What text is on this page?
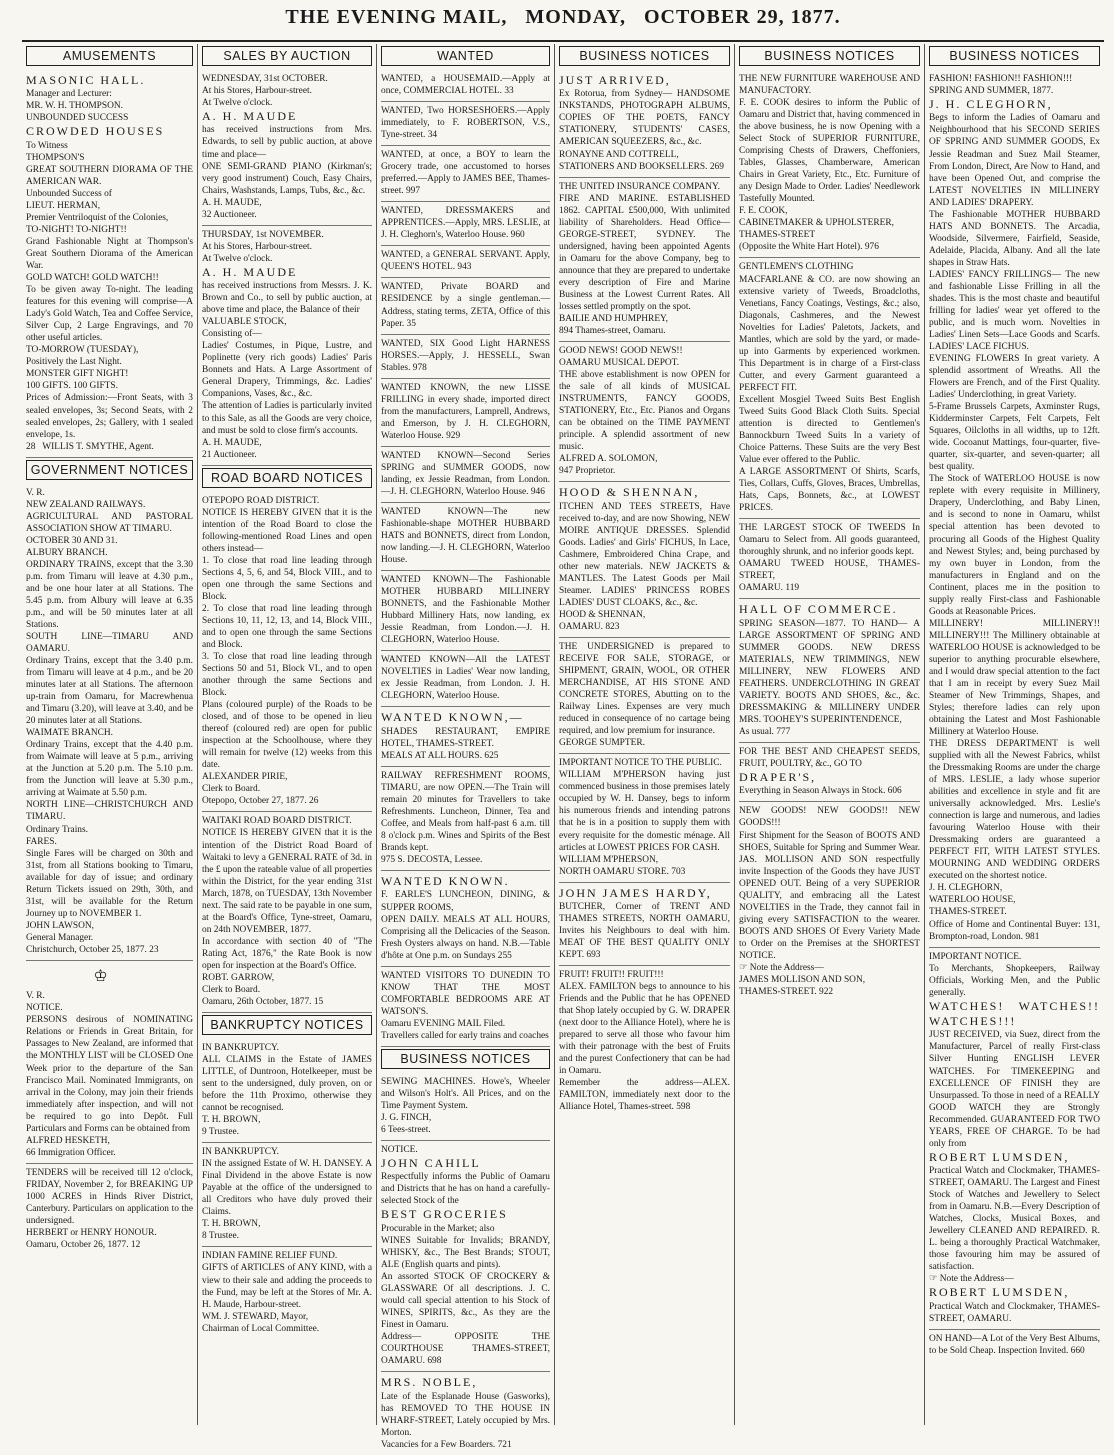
THE EVENING MAIL, MONDAY, OCTOBER 29, 1877.
AMUSEMENTS

MASONIC HALL.

Manager and Lecturer:

MR. W. H. THOMPSON.

UNBOUNDED SUCCESS

CROWDED HOUSES

To Witness

THOMPSON'S

GREAT SOUTHERN DIORAMA OF THE AMERICAN WAR.

Unbounded Success of

LIEUT. HERMAN,

Premier Ventriloquist of the Colonies,

TO-NIGHT! TO-NIGHT!!

Grand Fashionable Night at Thompson's Great Southern Diorama of the American War.

GOLD WATCH! GOLD WATCH!!

To be given away To-night. The leading features for this evening will comprise—A Lady's Gold Watch, Tea and Coffee Service, Silver Cup, 2 Large Engravings, and 70 other useful articles.

TO-MORROW (TUESDAY),

Positively the Last Night.

MONSTER GIFT NIGHT!

100 GIFTS. 100 GIFTS.

Prices of Admission:—Front Seats, with 3 sealed envelopes, 3s; Second Seats, with 2 sealed envelopes, 2s; Gallery, with 1 sealed envelope, 1s.

28 WILLIS T. SMYTHE, Agent.

GOVERNMENT NOTICES

V. R.

NEW ZEALAND RAILWAYS.

AGRICULTURAL AND PASTORAL ASSOCIATION SHOW AT TIMARU.

OCTOBER 30 AND 31.

ALBURY BRANCH.

ORDINARY TRAINS, except that the 3.30 p.m. from Timaru will leave at 4.30 p.m., and be one hour later at all Stations. The 5.45 p.m. from Albury will leave at 6.35 p.m., and will be 50 minutes later at all Stations.

SOUTH LINE—TIMARU AND OAMARU.

Ordinary Trains, except that the 3.40 p.m. from Timaru will leave at 4 p.m., and be 20 minutes later at all Stations. The afternoon up-train from Oamaru, for Macrewhenua and Timaru (3.20), will leave at 3.40, and be 20 minutes later at all Stations.

WAIMATE BRANCH.

Ordinary Trains, except that the 4.40 p.m. from Waimate will leave at 5 p.m., arriving at the Junction at 5.20 p.m. The 5.10 p.m. from the Junction will leave at 5.30 p.m., arriving at Waimate at 5.50 p.m.

NORTH LINE—CHRISTCHURCH AND TIMARU.

Ordinary Trains.

FARES.

Single Fares will be charged on 30th and 31st, from all Stations booking to Timaru, available for day of issue; and ordinary Return Tickets issued on 29th, 30th, and 31st, will be available for the Return Journey up to NOVEMBER 1.

JOHN LAWSON,

General Manager.

Christchurch, October 25, 1877. 23

♔

V. R.

NOTICE.

PERSONS desirous of NOMINATING Relations or Friends in Great Britain, for Passages to New Zealand, are informed that the MONTHLY LIST will be CLOSED One Week prior to the departure of the San Francisco Mail. Nominated Immigrants, on arrival in the Colony, may join their friends immediately after inspection, and will not be required to go into Depôt. Full Particulars and Forms can be obtained from

ALFRED HESKETH,

66 Immigration Officer.

TENDERS will be received till 12 o'clock, FRIDAY, November 2, for BREAKING UP 1000 ACRES in Hinds River District, Canterbury. Particulars on application to the undersigned.

HERBERT or HENRY HONOUR.

Oamaru, October 26, 1877. 12

SALES BY AUCTION

WEDNESDAY, 31st OCTOBER.

At his Stores, Harbour-street.

At Twelve o'clock.

A. H. MAUDE

has received instructions from Mrs. Edwards, to sell by public auction, at above time and place—

ONE SEMI-GRAND PIANO (Kirkman's; very good instrument) Couch, Easy Chairs, Chairs, Washstands, Lamps, Tubs, &c., &c.

A. H. MAUDE,

32 Auctioneer.

THURSDAY, 1st NOVEMBER.

At his Stores, Harbour-street.

At Twelve o'clock.

A. H. MAUDE

has received instructions from Messrs. J. K. Brown and Co., to sell by public auction, at above time and place, the Balance of their

VALUABLE STOCK,

Consisting of—

Ladies' Costumes, in Pique, Lustre, and Poplinette (very rich goods) Ladies' Paris Bonnets and Hats. A Large Assortment of General Drapery, Trimmings, &c. Ladies' Companions, Vases, &c., &c.

The attention of Ladies is particularly invited to this Sale, as all the Goods are very choice, and must be sold to close firm's accounts.

A. H. MAUDE,

21 Auctioneer.

ROAD BOARD NOTICES

OTEPOPO ROAD DISTRICT.

NOTICE IS HEREBY GIVEN that it is the intention of the Road Board to close the following-mentioned Road Lines and open others instead—

1. To close that road line leading through Sections 4, 5, 6, and 54, Block VIII., and to open one through the same Sections and Block.

2. To close that road line leading through Sections 10, 11, 12, 13, and 14, Block VIII., and to open one through the same Sections and Block.

3. To close that road line leading through Sections 50 and 51, Block VI., and to open another through the same Sections and Block.

Plans (coloured purple) of the Roads to be closed, and of those to be opened in lieu thereof (coloured red) are open for public inspection at the Schoolhouse, where they will remain for twelve (12) weeks from this date.

ALEXANDER PIRIE,

Clerk to Board.

Otepopo, October 27, 1877. 26

WAITAKI ROAD BOARD DISTRICT.

NOTICE IS HEREBY GIVEN that it is the intention of the District Road Board of Waitaki to levy a GENERAL RATE of 3d. in the £ upon the rateable value of all properties within the District, for the year ending 31st March, 1878, on TUESDAY, 13th November next. The said rate to be payable in one sum, at the Board's Office, Tyne-street, Oamaru, on 24th NOVEMBER, 1877.

In accordance with section 40 of "The Rating Act, 1876," the Rate Book is now open for inspection at the Board's Office.

ROBT. GARROW,

Clerk to Board.

Oamaru, 26th October, 1877. 15

BANKRUPTCY NOTICES

IN BANKRUPTCY.

ALL CLAIMS in the Estate of JAMES LITTLE, of Duntroon, Hotelkeeper, must be sent to the undersigned, duly proven, on or before the 11th Proximo, otherwise they cannot be recognised.

T. H. BROWN,

9 Trustee.

IN BANKRUPTCY.

IN the assigned Estate of W. H. DANSEY. A Final Dividend in the above Estate is now Payable at the office of the undersigned to all Creditors who have duly proved their Claims.

T. H. BROWN,

8 Trustee.

INDIAN FAMINE RELIEF FUND.

GIFTS of ARTICLES of ANY KIND, with a view to their sale and adding the proceeds to the Fund, may be left at the Stores of Mr. A. H. Maude, Harbour-street.

WM. J. STEWARD, Mayor,

Chairman of Local Committee.

WANTED

WANTED, a HOUSEMAID.—Apply at once, COMMERCIAL HOTEL. 33

WANTED, Two HORSESHOERS.—Apply immediately, to F. ROBERTSON, V.S., Tyne-street. 34

WANTED, at once, a BOY to learn the Grocery trade, one accustomed to horses preferred.—Apply to JAMES BEE, Thames-street. 997

WANTED, DRESSMAKERS and APPRENTICES.—Apply, MRS. LESLIE, at J. H. Cleghorn's, Waterloo House. 960

WANTED, a GENERAL SERVANT. Apply, QUEEN'S HOTEL. 943

WANTED, Private BOARD and RESIDENCE by a single gentleman.—Address, stating terms, ZETA, Office of this Paper. 35

WANTED, SIX Good Light HARNESS HORSES.—Apply, J. HESSELL, Swan Stables. 978

WANTED KNOWN, the new LISSE FRILLING in every shade, imported direct from the manufacturers, Lamprell, Andrews, and Emerson, by J. H. CLEGHORN, Waterloo House. 929

WANTED KNOWN—Second Series SPRING and SUMMER GOODS, now landing, ex Jessie Readman, from London.—J. H. CLEGHORN, Waterloo House. 946

WANTED KNOWN—The new Fashionable-shape MOTHER HUBBARD HATS and BONNETS, direct from London, now landing.—J. H. CLEGHORN, Waterloo House.

WANTED KNOWN—The Fashionable MOTHER HUBBARD MILLINERY BONNETS, and the Fashionable Mother Hubbard Millinery Hats, now landing, ex Jessie Readman, from London.—J. H. CLEGHORN, Waterloo House.

WANTED KNOWN—All the LATEST NOVELTIES in Ladies' Wear now landing, ex Jessie Readman, from London. J. H. CLEGHORN, Waterloo House.

WANTED KNOWN,—

SHADES RESTAURANT, EMPIRE HOTEL, THAMES-STREET.

MEALS AT ALL HOURS. 625

RAILWAY REFRESHMENT ROOMS, TIMARU, are now OPEN.—The Train will remain 20 minutes for Travellers to take Refreshments. Luncheon, Dinner, Tea and Coffee, and Meals from half-past 6 a.m. till 8 o'clock p.m. Wines and Spirits of the Best Brands kept.

975 S. DECOSTA, Lessee.

WANTED KNOWN.

F. EARLE'S LUNCHEON, DINING, & SUPPER ROOMS,

OPEN DAILY. MEALS AT ALL HOURS, Comprising all the Delicacies of the Season. Fresh Oysters always on hand. N.B.—Table d'hôte at One p.m. on Sundays 255

WANTED VISITORS TO DUNEDIN TO KNOW THAT THE MOST COMFORTABLE BEDROOMS ARE AT WATSON'S.

Oamaru EVENING MAIL Filed.

Travellers called for early trains and coaches

BUSINESS NOTICES

SEWING MACHINES. Howe's, Wheeler and Wilson's Holt's. All Prices, and on the Time Payment System.

J. G. FINCH,

6 Tees-street.

NOTICE.

JOHN CAHILL

Respectfully informs the Public of Oamaru and Districts that he has on hand a carefully-selected Stock of the

BEST GROCERIES

Procurable in the Market; also

WINES Suitable for Invalids; BRANDY, WHISKY, &c., The Best Brands; STOUT, ALE (English quarts and pints).

An assorted STOCK OF CROCKERY & GLASSWARE Of all descriptions. J. C. would call special attention to his Stock of WINES, SPIRITS, &c., As they are the Finest in Oamaru.

Address— OPPOSITE THE COURTHOUSE THAMES-STREET, OAMARU. 698

MRS. NOBLE,

Late of the Esplanade House (Gasworks), has REMOVED TO THE HOUSE IN WHARF-STREET, Lately occupied by Mrs. Morton.

Vacancies for a Few Boarders. 721

BUSINESS NOTICES

JUST ARRIVED,

Ex Rotorua, from Sydney— HANDSOME INKSTANDS, PHOTOGRAPH ALBUMS, COPIES OF THE POETS, FANCY STATIONERY, STUDENTS' CASES, AMERICAN SQUEEZERS, &c., &c.

RONAYNE AND COTTRELL,

STATIONERS AND BOOKSELLERS. 269

THE UNITED INSURANCE COMPANY.

FIRE AND MARINE. ESTABLISHED 1862. CAPITAL £500,000, With unlimited liability of Shareholders. Head Office—GEORGE-STREET, SYDNEY. The undersigned, having been appointed Agents in Oamaru for the above Company, beg to announce that they are prepared to undertake every description of Fire and Marine Business at the Lowest Current Rates. All losses settled promptly on the spot.

BAILIE AND HUMPHREY,

894 Thames-street, Oamaru.

GOOD NEWS! GOOD NEWS!!

OAMARU MUSICAL DEPOT.

THE above establishment is now OPEN for the sale of all kinds of MUSICAL INSTRUMENTS, FANCY GOODS, STATIONERY, Etc., Etc. Pianos and Organs can be obtained on the TIME PAYMENT principle. A splendid assortment of new music.

ALFRED A. SOLOMON,

947 Proprietor.

HOOD & SHENNAN,

ITCHEN AND TEES STREETS, Have received to-day, and are now Showing, NEW MOIRE ANTIQUE DRESSES. Splendid Goods. Ladies' and Girls' FICHUS, In Lace, Cashmere, Embroidered China Crape, and other new materials. NEW JACKETS & MANTLES. The Latest Goods per Mail Steamer. LADIES' PRINCESS ROBES LADIES' DUST CLOAKS, &c., &c.

HOOD & SHENNAN,

OAMARU. 823

THE UNDERSIGNED is prepared to RECEIVE FOR SALE, STORAGE, or SHIPMENT, GRAIN, WOOL, OR OTHER MERCHANDISE, AT HIS STONE AND CONCRETE STORES, Abutting on to the Railway Lines. Expenses are very much reduced in consequence of no cartage being required, and low premium for insurance.

GEORGE SUMPTER.

IMPORTANT NOTICE TO THE PUBLIC.

WILLIAM M'PHERSON having just commenced business in those premises lately occupied by W. H. Dansey, begs to inform his numerous friends and intending patrons that he is in a position to supply them with every requisite for the domestic ménage. All articles at LOWEST PRICES FOR CASH.

WILLIAM M'PHERSON,

NORTH OAMARU STORE. 703

JOHN JAMES HARDY,

BUTCHER, Corner of TRENT AND THAMES STREETS, NORTH OAMARU, Invites his Neighbours to deal with him. MEAT OF THE BEST QUALITY ONLY KEPT. 693

FRUIT! FRUIT!! FRUIT!!!

ALEX. FAMILTON begs to announce to his Friends and the Public that he has OPENED that Shop lately occupied by G. W. DRAPER (next door to the Alliance Hotel), where he is prepared to serve all those who favour him with their patronage with the best of Fruits and the purest Confectionery that can be had in Oamaru.

Remember the address—ALEX. FAMILTON, immediately next door to the Alliance Hotel, Thames-street. 598

BUSINESS NOTICES

THE NEW FURNITURE WAREHOUSE AND MANUFACTORY.

F. E. COOK desires to inform the Public of Oamaru and District that, having commenced in the above business, he is now Opening with a Select Stock of SUPERIOR FURNITURE, Comprising Chests of Drawers, Cheffoniers, Tables, Glasses, Chamberware, American Chairs in Great Variety, Etc., Etc. Furniture of any Design Made to Order. Ladies' Needlework Tastefully Mounted.

F. E. COOK,

CABINETMAKER & UPHOLSTERER,

THAMES-STREET

(Opposite the White Hart Hotel). 976

GENTLEMEN'S CLOTHING

MACFARLANE & CO. are now showing an extensive variety of Tweeds, Broadcloths, Venetians, Fancy Coatings, Vestings, &c.; also, Diagonals, Cashmeres, and the Newest Novelties for Ladies' Paletots, Jackets, and Mantles, which are sold by the yard, or made-up into Garments by experienced workmen. This Department is in charge of a First-class Cutter, and every Garment guaranteed a PERFECT FIT.

Excellent Mosgiel Tweed Suits Best English Tweed Suits Good Black Cloth Suits. Special attention is directed to Gentlemen's Bannockburn Tweed Suits In a variety of Choice Patterns. These Suits are the very Best Value ever offered to the Public.

A LARGE ASSORTMENT Of Shirts, Scarfs, Ties, Collars, Cuffs, Gloves, Braces, Umbrellas, Hats, Caps, Bonnets, &c., at LOWEST PRICES.

THE LARGEST STOCK OF TWEEDS In Oamaru to Select from. All goods guaranteed, thoroughly shrunk, and no inferior goods kept.

OAMARU TWEED HOUSE, THAMES-STREET,

OAMARU. 119

HALL OF COMMERCE.

SPRING SEASON—1877. TO HAND— A LARGE ASSORTMENT OF SPRING AND SUMMER GOODS. NEW DRESS MATERIALS, NEW TRIMMINGS, NEW MILLINERY, NEW FLOWERS AND FEATHERS. UNDERCLOTHING IN GREAT VARIETY. BOOTS AND SHOES, &c., &c. DRESSMAKING & MILLINERY UNDER MRS. TOOHEY'S SUPERINTENDENCE,

As usual. 777

FOR THE BEST AND CHEAPEST SEEDS, FRUIT, POULTRY, &c., GO TO

DRAPER'S,

Everything in Season Always in Stock. 606

NEW GOODS! NEW GOODS!! NEW GOODS!!!

First Shipment for the Season of BOOTS AND SHOES, Suitable for Spring and Summer Wear. JAS. MOLLISON AND SON respectfully invite Inspection of the Goods they have JUST OPENED OUT. Being of a very SUPERIOR QUALITY, and embracing all the Latest NOVELTIES in the Trade, they cannot fail in giving every SATISFACTION to the wearer. BOOTS AND SHOES Of Every Variety Made to Order on the Premises at the SHORTEST NOTICE.

☞ Note the Address—

JAMES MOLLISON AND SON,

THAMES-STREET. 922

BUSINESS NOTICES

FASHION! FASHION!! FASHION!!!

SPRING AND SUMMER, 1877.

J. H. CLEGHORN,

Begs to inform the Ladies of Oamaru and Neighbourhood that his SECOND SERIES OF SPRING AND SUMMER GOODS, Ex Jessie Readman and Suez Mail Steamer, From London, Direct, Are Now to Hand, and have been Opened Out, and comprise the LATEST NOVELTIES IN MILLINERY AND LADIES' DRAPERY.

The Fashionable MOTHER HUBBARD HATS AND BONNETS. The Arcadia, Woodside, Silvermere, Fairfield, Seaside, Adelaide, Placida, Albany. And all the late shapes in Straw Hats.

LADIES' FANCY FRILLINGS— The new and fashionable Lisse Frilling in all the shades. This is the most chaste and beautiful frilling for ladies' wear yet offered to the public, and is much worn. Novelties in Ladies' Linen Sets—Lace Goods and Scarfs. LADIES' LACE FICHUS.

EVENING FLOWERS In great variety. A splendid assortment of Wreaths. All the Flowers are French, and of the First Quality. Ladies' Underclothing, in great Variety.

5-Frame Brussels Carpets, Axminster Rugs, Kidderminster Carpets, Felt Carpets, Felt Squares, Oilcloths in all widths, up to 12ft. wide. Cocoanut Mattings, four-quarter, five-quarter, six-quarter, and seven-quarter; all best quality.

The Stock of WATERLOO HOUSE is now replete with every requisite in Millinery, Drapery, Underclothing, and Baby Linen, and is second to none in Oamaru, whilst special attention has been devoted to procuring all Goods of the Highest Quality and Newest Styles; and, being purchased by my own buyer in London, from the manufacturers in England and on the Continent, places me in the position to supply really First-class and Fashionable Goods at Reasonable Prices.

MILLINERY! MILLINERY!! MILLINERY!!! The Millinery obtainable at WATERLOO HOUSE is acknowledged to be superior to anything procurable elsewhere, and I would draw special attention to the fact that I am in receipt by every Suez Mail Steamer of New Trimmings, Shapes, and Styles; therefore ladies can rely upon obtaining the Latest and Most Fashionable Millinery at Waterloo House.

THE DRESS DEPARTMENT is well supplied with all the Newest Fabrics, whilst the Dressmaking Rooms are under the charge of MRS. LESLIE, a lady whose superior abilities and excellence in style and fit are universally acknowledged. Mrs. Leslie's connection is large and numerous, and ladies favouring Waterloo House with their Dressmaking orders are guaranteed a PERFECT FIT, WITH LATEST STYLES. MOURNING AND WEDDING ORDERS executed on the shortest notice.

J. H. CLEGHORN,

WATERLOO HOUSE,

THAMES-STREET.

Office of Home and Continental Buyer: 131, Brompton-road, London. 981

IMPORTANT NOTICE.

To Merchants, Shopkeepers, Railway Officials, Working Men, and the Public generally.

WATCHES! WATCHES!! WATCHES!!!

JUST RECEIVED, via Suez, direct from the Manufacturer, Parcel of really First-class Silver Hunting ENGLISH LEVER WATCHES. For TIMEKEEPING and EXCELLENCE OF FINISH they are Unsurpassed. To those in need of a REALLY GOOD WATCH they are Strongly Recommended. GUARANTEED FOR TWO YEARS, FREE OF CHARGE. To be had only from

ROBERT LUMSDEN,

Practical Watch and Clockmaker, THAMES-STREET, OAMARU. The Largest and Finest Stock of Watches and Jewellery to Select from in Oamaru. N.B.—Every Description of Watches, Clocks, Musical Boxes, and Jewellery CLEANED AND REPAIRED. R. L. being a thoroughly Practical Watchmaker, those favouring him may be assured of satisfaction.

☞ Note the Address—

ROBERT LUMSDEN,

Practical Watch and Clockmaker, THAMES-STREET, OAMARU.

ON HAND—A Lot of the Very Best Albums, to be Sold Cheap. Inspection Invited. 660
